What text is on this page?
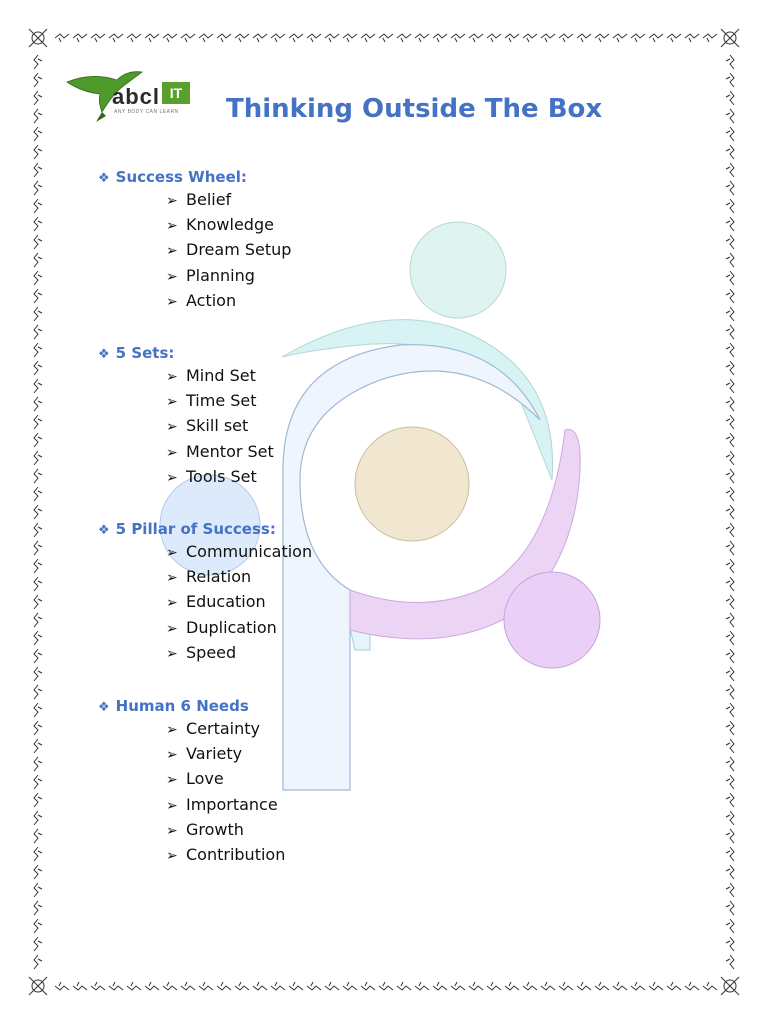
abcl IT
ANY BODY CAN LEARN Thinking Outside The Box
❖ Success Wheel:
➢ Belief
➢ Knowledge
➢ Dream Setup
➢ Planning
➢ Action
❖ 5 Sets:
➢ Mind Set
➢ Time Set
➢ Skill set
➢ Mentor Set
➢ Tools Set
❖ 5 Pillar of Success:
➢ Communication
➢ Relation
➢ Education
➢ Duplication
➢ Speed
❖ Human 6 Needs
➢ Certainty
➢ Variety
➢ Love
➢ Importance
➢ Growth
➢ Contribution
